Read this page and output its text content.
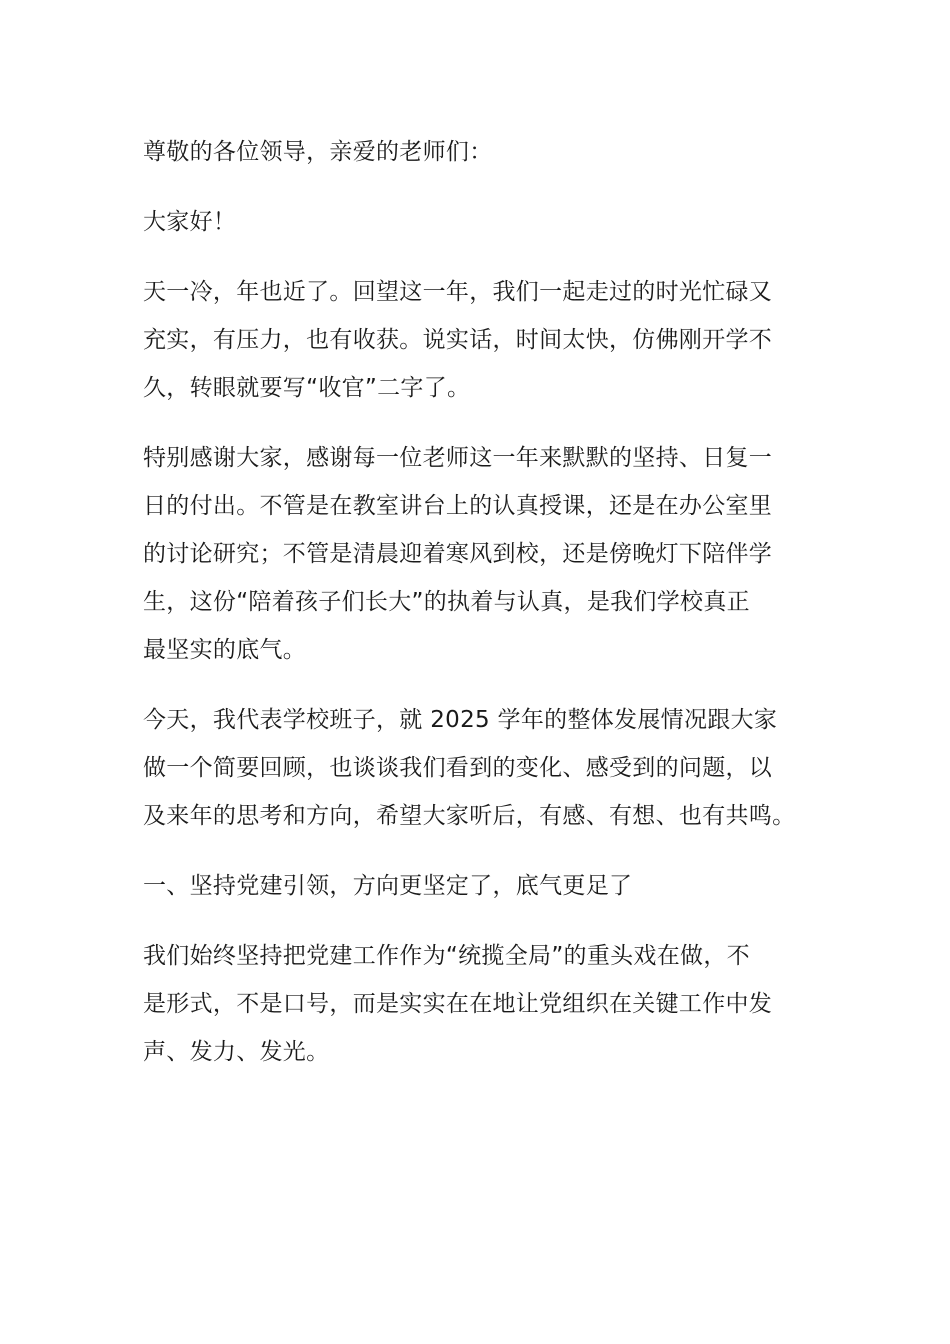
尊敬的各位领导，亲爱的老师们：

大家好！

天一冷，年也近了。回望这一年，我们一起走过的时光忙碌又
充实，有压力，也有收获。说实话，时间太快，仿佛刚开学不
久，转眼就要写“收官”二字了。

特别感谢大家，感谢每一位老师这一年来默默的坚持、日复一
日的付出。不管是在教室讲台上的认真授课，还是在办公室里
的讨论研究；不管是清晨迎着寒风到校，还是傍晚灯下陪伴学
生，这份“陪着孩子们长大”的执着与认真，是我们学校真正
最坚实的底气。

今天，我代表学校班子，就 2025 学年的整体发展情况跟大家
做一个简要回顾，也谈谈我们看到的变化、感受到的问题，以
及来年的思考和方向，希望大家听后，有感、有想、也有共鸣。

一、坚持党建引领，方向更坚定了，底气更足了

我们始终坚持把党建工作作为“统揽全局”的重头戏在做，不
是形式，不是口号，而是实实在在地让党组织在关键工作中发
声、发力、发光。
